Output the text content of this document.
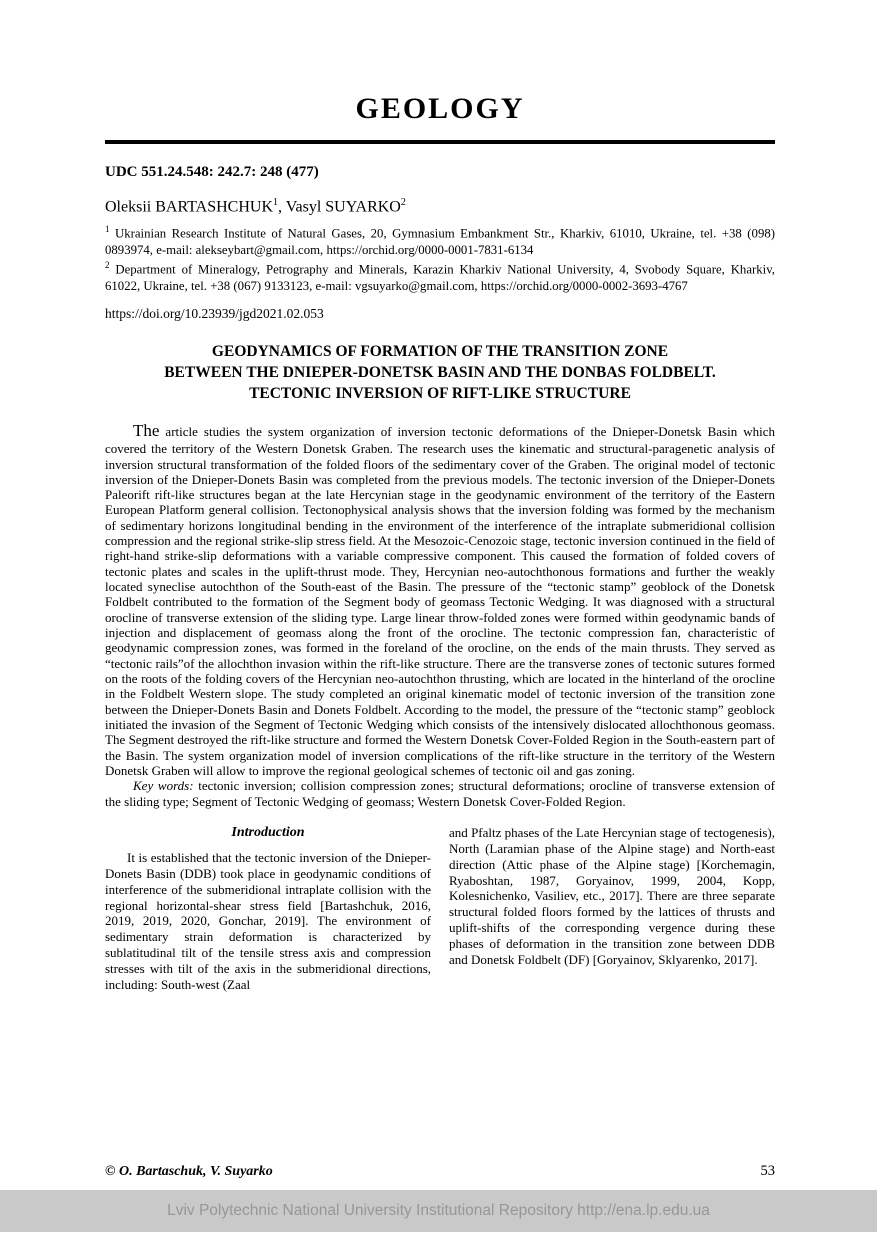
GEOLOGY
UDC 551.24.548: 242.7: 248 (477)
Oleksii BARTASHCHUK$^1$, Vasyl SUYARKO$^2$

$^1$ Ukrainian Research Institute of Natural Gases, 20, Gymnasium Embankment Str., Kharkiv, 61010, Ukraine, tel. +38 (098) 0893974, e-mail: alekseybart@gmail.com, https://orchid.org/0000-0001-7831-6134

$^2$ Department of Mineralogy, Petrography and Minerals, Karazin Kharkiv National University, 4, Svobody Square, Kharkiv, 61022, Ukraine, tel. +38 (067) 9133123, e-mail: vgsuyarko@gmail.com, https://orchid.org/0000-0002-3693-4767

https://doi.org/10.23939/jgd2021.02.053
GEODYNAMICS OF FORMATION OF THE TRANSITION ZONE
BETWEEN THE DNIEPER-DONETSK BASIN AND THE DONBAS FOLDBELT.
TECTONIC INVERSION OF RIFT-LIKE STRUCTURE

The article studies the system organization of inversion tectonic deformations of the Dnieper-Donetsk Basin which covered the territory of the Western Donetsk Graben. The research uses the kinematic and structural-paragenetic analysis of inversion structural transformation of the folded floors of the sedimentary cover of the Graben. The original model of tectonic inversion of the Dnieper-Donets Basin was completed from the previous models. The tectonic inversion of the Dnieper-Donets Paleorift rift-like structures began at the late Hercynian stage in the geodynamic environment of the territory of the Eastern European Platform general collision. Tectonophysical analysis shows that the inversion folding was formed by the mechanism of sedimentary horizons longitudinal bending in the environment of the interference of the intraplate submeridional collision compression and the regional strike-slip stress field. At the Mesozoic-Cenozoic stage, tectonic inversion continued in the field of right-hand strike-slip deformations with a variable compressive component. This caused the formation of folded covers of tectonic plates and scales in the uplift-thrust mode. They, Hercynian neo-autochthonous formations and further the weakly located syneclise autochthon of the South-east of the Basin. The pressure of the “tectonic stamp” geoblock of the Donetsk Foldbelt contributed to the formation of the Segment body of geomass Tectonic Wedging. It was diagnosed with a structural orocline of transverse extension of the sliding type. Large linear throw-folded zones were formed within geodynamic bands of injection and displacement of geomass along the front of the orocline. The tectonic compression fan, characteristic of geodynamic compression zones, was formed in the foreland of the orocline, on the ends of the main thrusts. They served as “tectonic rails”of the allochthon invasion within the rift-like structure. There are the transverse zones of tectonic sutures formed on the roots of the folding covers of the Hercynian neo-autochthon thrusting, which are located in the hinterland of the orocline in the Foldbelt Western slope. The study completed an original kinematic model of tectonic inversion of the transition zone between the Dnieper-Donets Basin and Donets Foldbelt. According to the model, the pressure of the “tectonic stamp” geoblock initiated the invasion of the Segment of Tectonic Wedging which consists of the intensively dislocated allochthonous geomass. The Segment destroyed the rift-like structure and formed the Western Donetsk Cover-Folded Region in the South-eastern part of the Basin. The system organization model of inversion complications of the rift-like structure in the territory of the Western Donetsk Graben will allow to improve the regional geological schemes of tectonic oil and gas zoning.

Key words: tectonic inversion; collision compression zones; structural deformations; orocline of transverse extension of the sliding type; Segment of Tectonic Wedging of geomass; Western Donetsk Cover-Folded Region.

Introduction

It is established that the tectonic inversion of the Dnieper-Donets Basin (DDB) took place in geodynamic conditions of interference of the submeridional intraplate collision with the regional horizontal-shear stress field [Bartashchuk, 2016, 2019, 2019, 2020, Gonchar, 2019]. The environment of sedimentary strain deformation is characterized by sublatitudinal tilt of the tensile stress axis and compression stresses with tilt of the axis in the submeridional directions, including: South-west (Zaal

and Pfaltz phases of the Late Hercynian stage of tectogenesis), North (Laramian phase of the Alpine stage) and North-east direction (Attic phase of the Alpine stage) [Korchemagin, Ryaboshtan, 1987, Goryainov, 1999, 2004, Kopp, Kolesnichenko, Vasiliev, etc., 2017]. There are three separate structural folded floors formed by the lattices of thrusts and uplift-shifts of the corresponding vergence during these phases of deformation in the transition zone between DDB and Donetsk Foldbelt (DF) [Goryainov, Sklyarenko, 2017].

© O. Bartaschuk, V. Suyarko	53
Lviv Polytechnic National University Institutional Repository http://ena.lp.edu.ua
